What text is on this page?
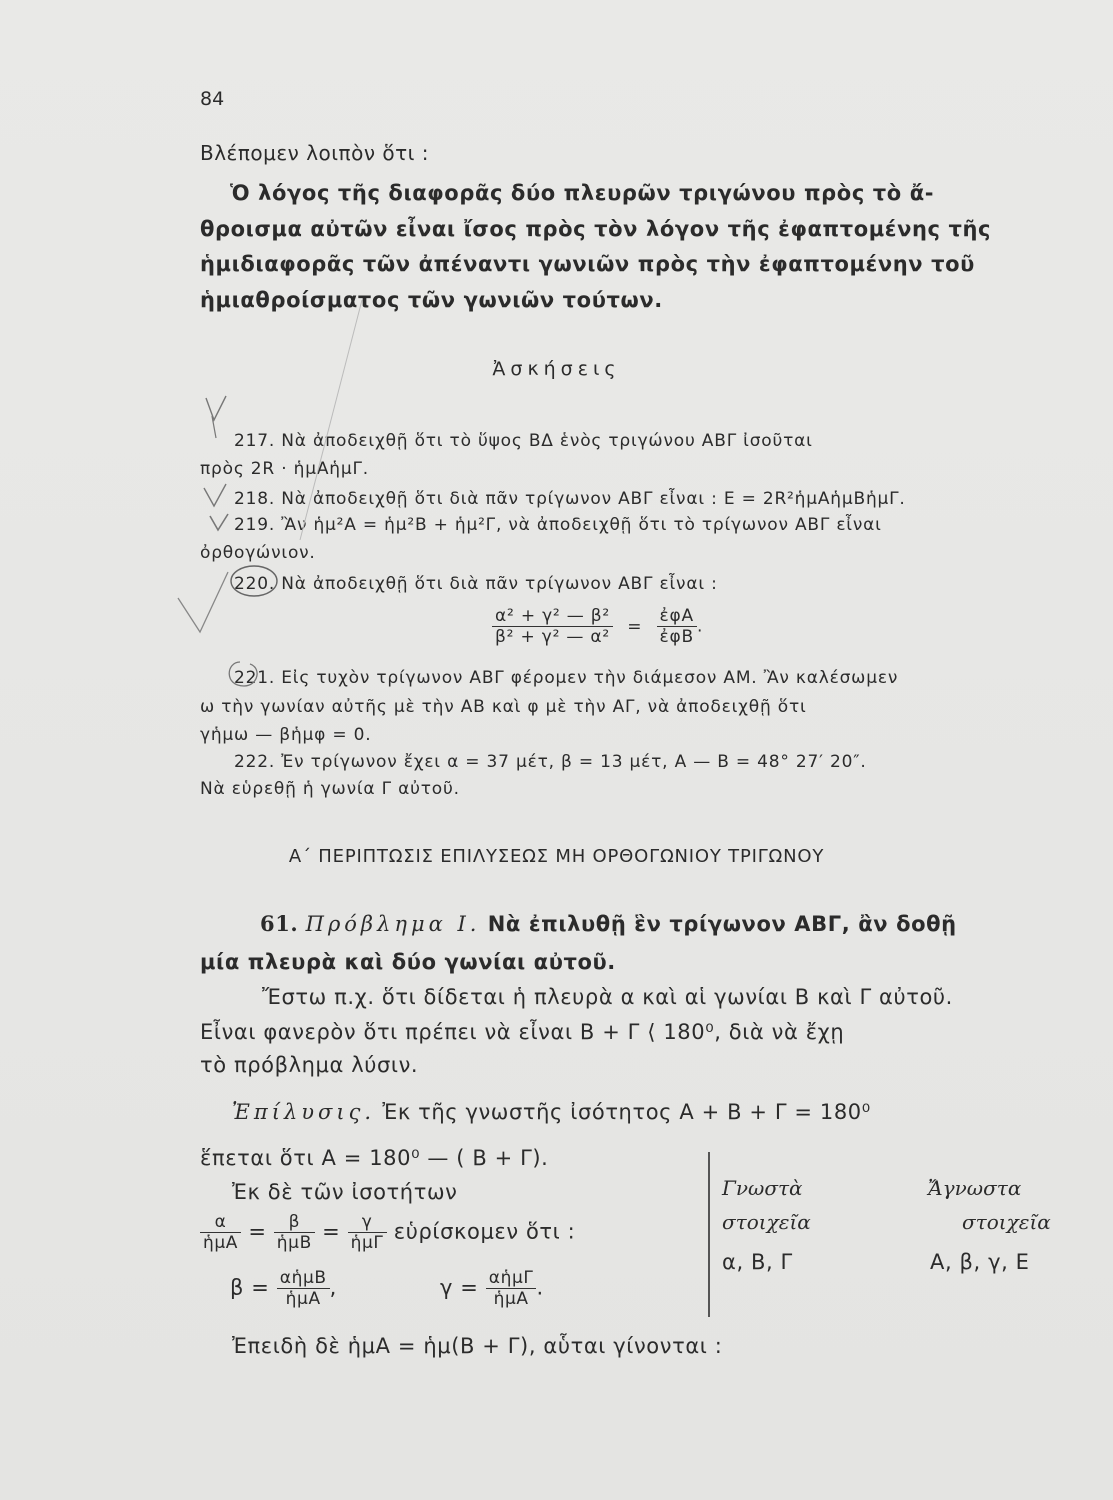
84
Βλέπομεν λοιπὸν ὅτι :

Ὁ λόγος τῆς διαφορᾶς δύο πλευρῶν τριγώνου πρὸς τὸ ἄ-

θροισμα αὐτῶν εἶναι ἴσος πρὸς τὸν λόγον τῆς ἐφαπτομένης τῆς

ἡμιδιαφορᾶς τῶν ἀπέναντι γωνιῶν πρὸς τὴν ἐφαπτομένην τοῦ

ἡμιαθροίσματος τῶν γωνιῶν τούτων.

Ἀσκήσεις
217. Νὰ ἀποδειχθῇ ὅτι τὸ ὕψος ΒΔ ἑνὸς τριγώνου ΑΒΓ ἰσοῦται
πρὸς 2R · ἡμΑἡμΓ.
218. Νὰ ἀποδειχθῇ ὅτι διὰ πᾶν τρίγωνον ΑΒΓ εἶναι : Ε = 2R²ἡμΑἡμΒἡμΓ.
219. Ἂν ἡμ²Α = ἡμ²Β + ἡμ²Γ, νὰ ἀποδειχθῇ ὅτι τὸ τρίγωνον ΑΒΓ εἶναι
ὀρθογώνιον.
220. Νὰ ἀποδειχθῇ ὅτι διὰ πᾶν τρίγωνον ΑΒΓ εἶναι :
$\frac{\text{α² + γ² — β²}}{\text{β² + γ² — α²}} = \frac{\text{ἐφΑ}}{\text{ἐφΒ}}$ .
221. Εἰς τυχὸν τρίγωνον ΑΒΓ φέρομεν τὴν διάμεσον ΑΜ. Ἂν καλέσωμεν
ω τὴν γωνίαν αὐτῆς μὲ τὴν ΑΒ καὶ φ μὲ τὴν ΑΓ, νὰ ἀποδειχθῇ ὅτι
γἡμω — βἡμφ = 0.
222. Ἐν τρίγωνον ἔχει α = 37 μέτ, β = 13 μέτ, Α — Β = 48° 27′ 20″.
Νὰ εὑρεθῇ ἡ γωνία Γ αὐτοῦ.
Α΄ ΠΕΡΙΠΤΩΣΙΣ ΕΠΙΛΥΣΕΩΣ ΜΗ ΟΡΘΟΓΩΝΙΟΥ ΤΡΙΓΩΝΟΥ
61. Πρόβλημα Ι. Νὰ ἐπιλυθῇ ἓν τρίγωνον ΑΒΓ, ἂν δοθῇ
μία πλευρὰ καὶ δύο γωνίαι αὐτοῦ.
Ἔστω π.χ. ὅτι δίδεται ἡ πλευρὰ α καὶ αἱ γωνίαι Β καὶ Γ αὐτοῦ.
Εἶναι φανερὸν ὅτι πρέπει νὰ εἶναι Β + Γ ⟨ 180⁰, διὰ νὰ ἔχῃ
τὸ πρόβλημα λύσιν.
Ἐπίλυσις. Ἐκ τῆς γνωστῆς ἰσότητος Α + Β + Γ = 180⁰
ἕπεται ὅτι Α = 180⁰ — ( Β + Γ).
Ἐκ δὲ τῶν ἰσοτήτων
$\frac{\alpha}{\text{ἡμΑ}} = \frac{\beta}{\text{ἡμΒ}} = \frac{\gamma}{\text{ἡμΓ}}$ εὑρίσκομεν ὅτι :
$\beta = \frac{\text{αἡμΒ}}{\text{ἡμΑ}}$ ,	$\gamma = \frac{\text{αἡμΓ}}{\text{ἡμΑ}}$ .
Γνωστὰ
στοιχεῖα
α, Β, Γ
Ἄγνωστα
στοιχεῖα
Α, β, γ, Ε
Ἐπειδὴ δὲ ἡμΑ = ἡμ(Β + Γ), αὗται γίνονται :
